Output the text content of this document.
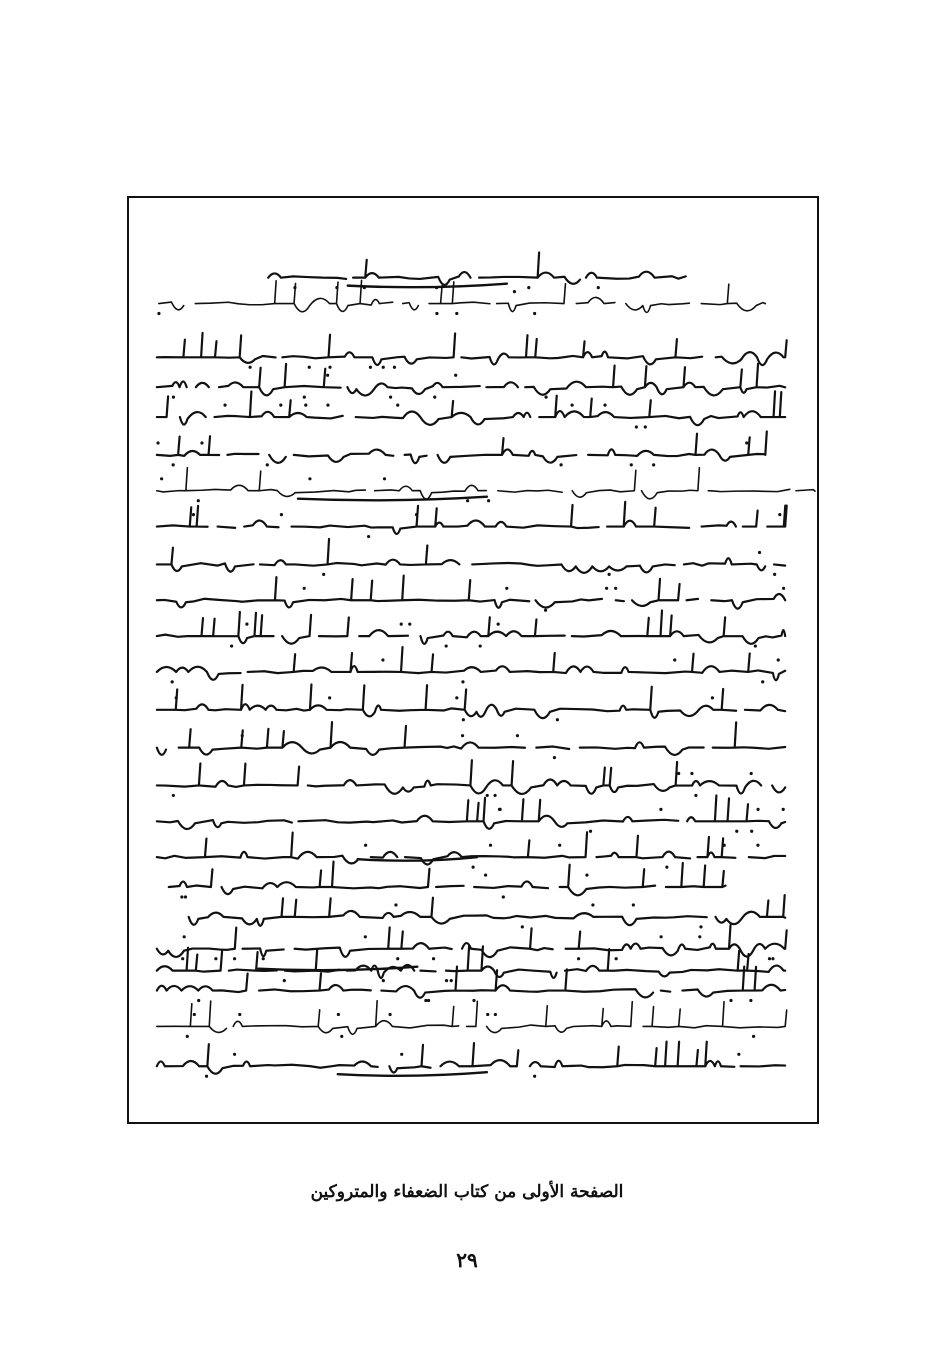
الصفحة الأولى من كتاب الضعفاء والمتروكين
٢٩
